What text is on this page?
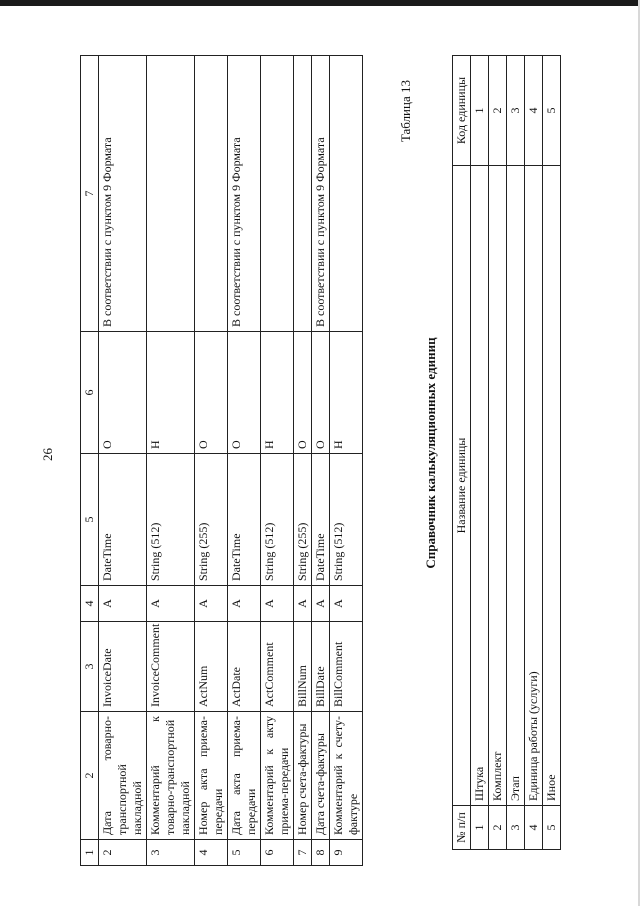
26
1	2	3	4	5	6	7
2	Дата товарно-транспортной накладной	InvoiceDate	A	DateTime	O	В соответствии с пунктом 9 Формата
3	Комментарий к товарно-транспортной накладной	InvoiceComment	A	String (512)	Н	
4	Номер акта приема-передачи	ActNum	A	String (255)	O	
5	Дата акта приема-передачи	ActDate	A	DateTime	O	В соответствии с пунктом 9 Формата
6	Комментарий к акту приема-передачи	ActComment	A	String (512)	Н	
7	Номер счета-фактуры	BillNum	A	String (255)	O	
8	Дата счета-фактуры	BillDate	A	DateTime	O	В соответствии с пунктом 9 Формата
9	Комментарий к счету-фактуре	BillComment	A	String (512)	Н	
Таблица 13
Справочник калькуляционных единиц
№ п/п	Название единицы	Код единицы
1	Штука	1
2	Комплект	2
3	Этап	3
4	Единица работы (услуги)	4
5	Иное	5
